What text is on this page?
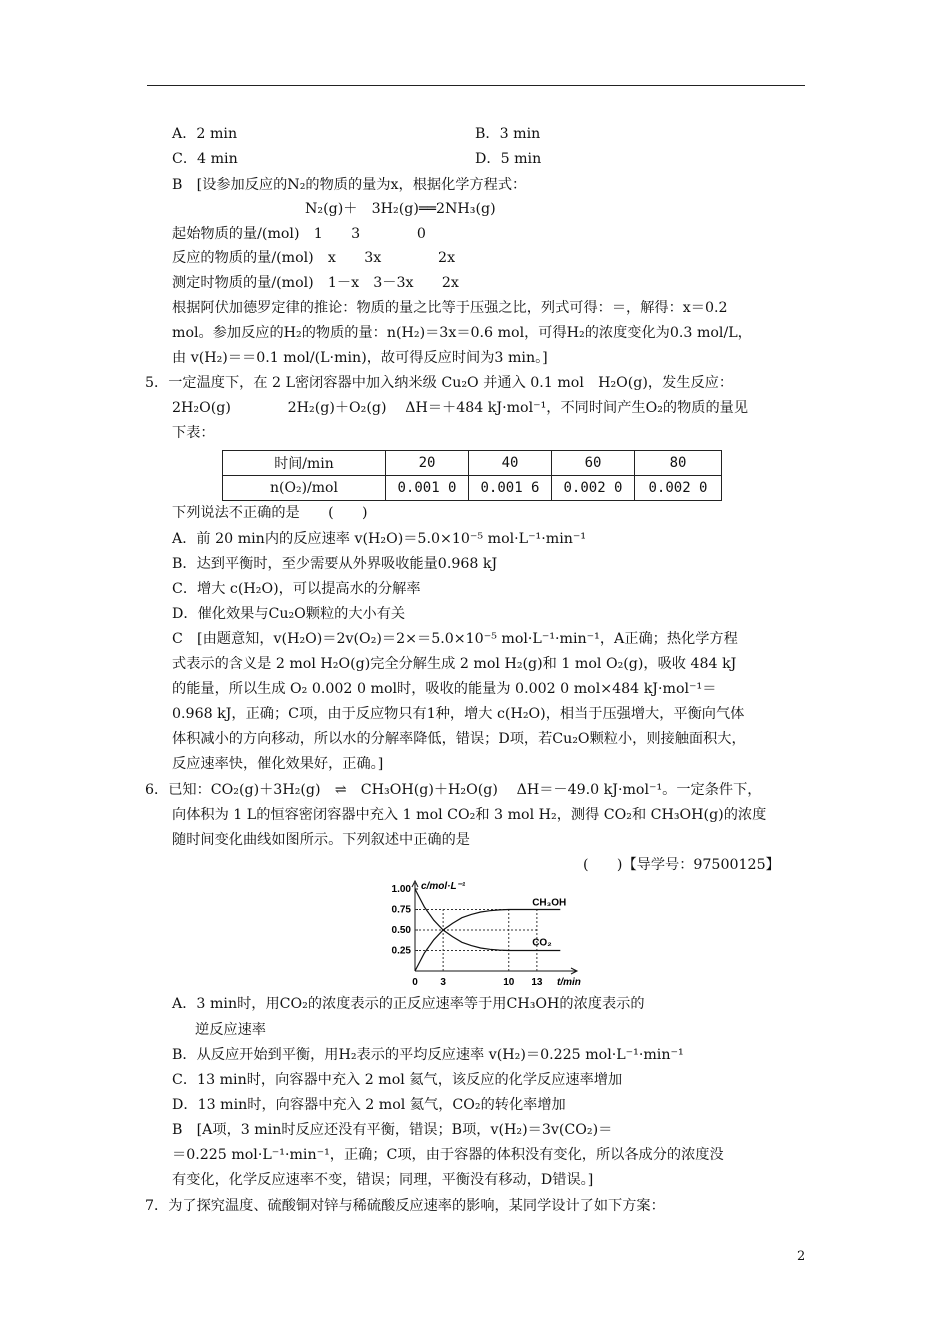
A．2 min	B．3 min
C．4 min	D．5 min
B　[设参加反应的N₂的物质的量为x，根据化学方程式：
N₂(g)＋　3H₂(g)══2NH₃(g)
起始物质的量/(mol)　1　　3　　　　0
反应的物质的量/(mol)　x　　3x　　　　2x
测定时物质的量/(mol)　1－x　3－3x　　2x
根据阿伏加德罗定律的推论：物质的量之比等于压强之比，列式可得：＝，解得：x＝0.2
mol。参加反应的H₂的物质的量：n(H₂)＝3x＝0.6 mol，可得H₂的浓度变化为0.3 mol/L，
由 v(H₂)＝＝0.1 mol/(L·min)，故可得反应时间为3 min。]
5．一定温度下，在 2 L密闭容器中加入纳米级 Cu₂O 并通入 0.1 mol　H₂O(g)，发生反应：
2H₂O(g)　　　　2H₂(g)＋O₂(g)　 ΔH＝＋484 kJ·mol⁻¹，不同时间产生O₂的物质的量见
下表：
下列说法不正确的是　　(　　)
A．前 20 min内的反应速率 v(H₂O)＝5.0×10⁻⁵ mol·L⁻¹·min⁻¹
B．达到平衡时，至少需要从外界吸收能量0.968 kJ
C．增大 c(H₂O)，可以提高水的分解率
D．催化效果与Cu₂O颗粒的大小有关
C　[由题意知，v(H₂O)＝2v(O₂)＝2×＝5.0×10⁻⁵ mol·L⁻¹·min⁻¹，A正确；热化学方程
式表示的含义是 2 mol H₂O(g)完全分解生成 2 mol H₂(g)和 1 mol O₂(g)，吸收 484 kJ
的能量，所以生成 O₂ 0.002 0 mol时，吸收的能量为 0.002 0 mol×484 kJ·mol⁻¹＝
0.968 kJ，正确；C项，由于反应物只有1种，增大 c(H₂O)，相当于压强增大，平衡向气体
体积减小的方向移动，所以水的分解率降低，错误；D项，若Cu₂O颗粒小，则接触面积大，
反应速率快，催化效果好，正确。]
6．已知：CO₂(g)＋3H₂(g)　⇌　CH₃OH(g)＋H₂O(g)　 ΔH＝－49.0 kJ·mol⁻¹。一定条件下，
向体积为 1 L的恒容密闭容器中充入 1 mol CO₂和 3 mol H₂，测得 CO₂和 CH₃OH(g)的浓度
随时间变化曲线如图所示。下列叙述中正确的是
(　　)【导学号：97500125】
A．3 min时，用CO₂的浓度表示的正反应速率等于用CH₃OH的浓度表示的
逆反应速率
B．从反应开始到平衡，用H₂表示的平均反应速率 v(H₂)＝0.225 mol·L⁻¹·min⁻¹
C．13 min时，向容器中充入 2 mol 氦气，该反应的化学反应速率增加
D．13 min时，向容器中充入 2 mol 氦气，CO₂的转化率增加
B　[A项，3 min时反应还没有平衡，错误；B项，v(H₂)＝3v(CO₂)＝
＝0.225 mol·L⁻¹·min⁻¹，正确；C项，由于容器的体积没有变化，所以各成分的浓度没
有变化，化学反应速率不变，错误；同理，平衡没有移动，D错误。]
7．为了探究温度、硫酸铜对锌与稀硫酸反应速率的影响，某同学设计了如下方案：
时间/min	20	40	60	80
n(O₂)/mol	0.001 0	0.001 6	0.002 0	0.002 0
c/mol·L⁻¹
t/min
1.00
0.75
0.50
0.25
0 3	10 13
CH₃OH
CO₂
2
